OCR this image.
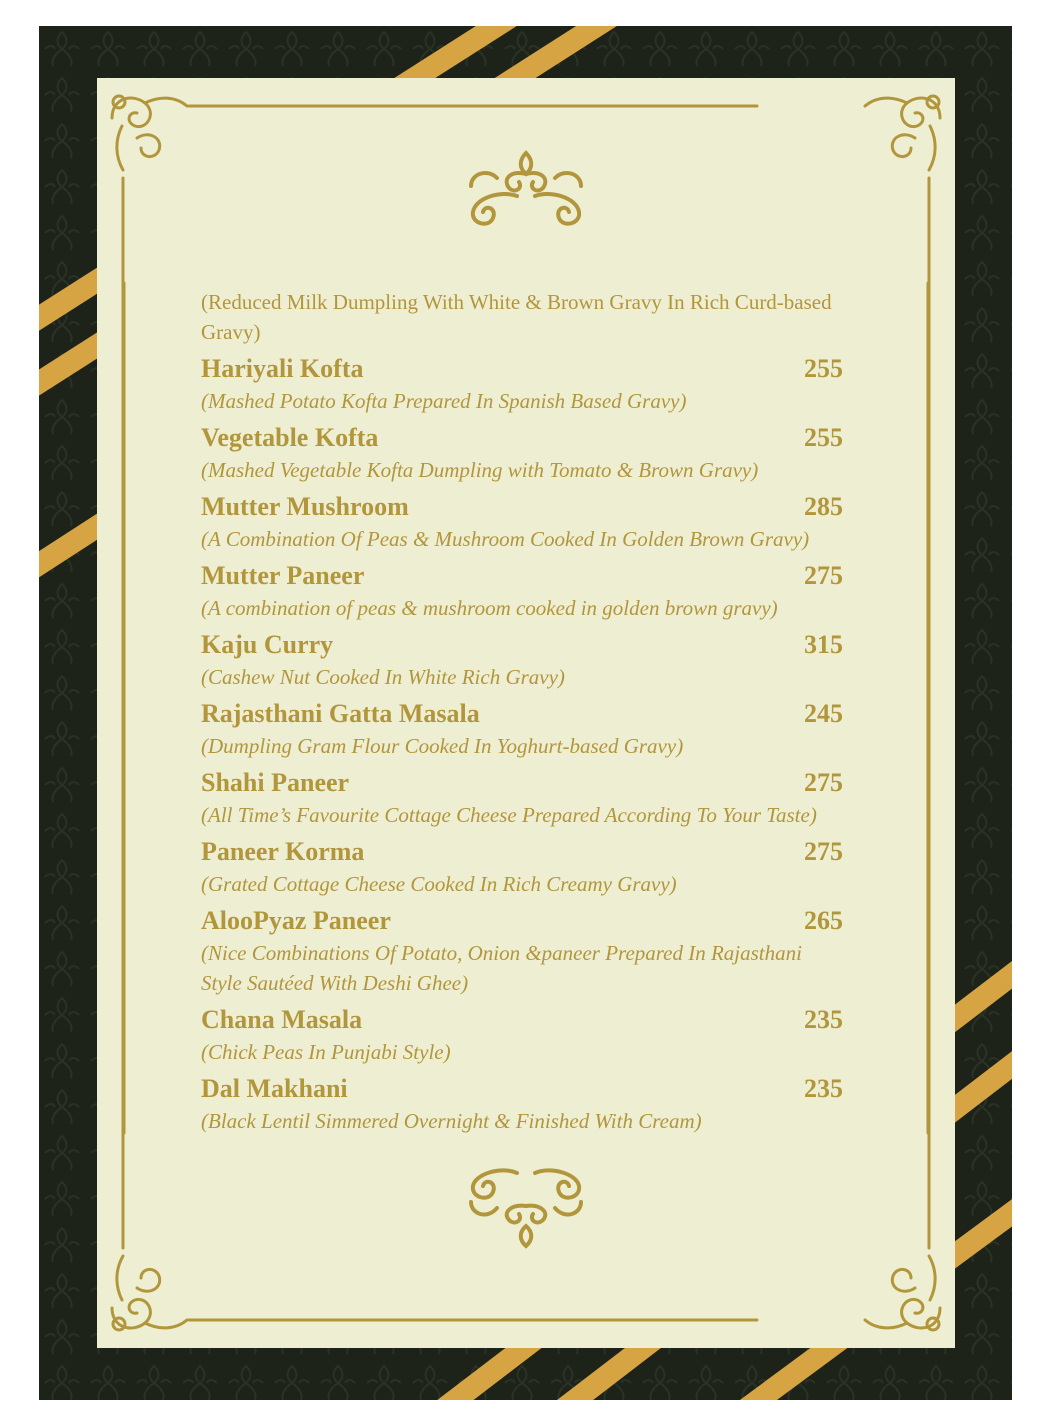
(Reduced Milk Dumpling With White & Brown Gravy In Rich Curd-based Gravy)

Hariyali Kofta	255

(Mashed Potato Kofta Prepared In Spanish Based Gravy)

Vegetable Kofta	255

(Mashed Vegetable Kofta Dumpling with Tomato & Brown Gravy)

Mutter Mushroom	285

(A Combination Of Peas & Mushroom Cooked In Golden Brown Gravy)

Mutter Paneer	275

(A combination of peas & mushroom cooked in golden brown gravy)

Kaju Curry	315

(Cashew Nut Cooked In White Rich Gravy)

Rajasthani Gatta Masala	245

(Dumpling Gram Flour Cooked In Yoghurt-based Gravy)

Shahi Paneer	275

(All Time’s Favourite Cottage Cheese Prepared According To Your Taste)

Paneer Korma	275

(Grated Cottage Cheese Cooked In Rich Creamy Gravy)

AlooPyaz Paneer	265

(Nice Combinations Of Potato, Onion &paneer Prepared In Rajasthani Style Sautéed With Deshi Ghee)

Chana Masala	235

(Chick Peas In Punjabi Style)

Dal Makhani	235

(Black Lentil Simmered Overnight & Finished With Cream)
